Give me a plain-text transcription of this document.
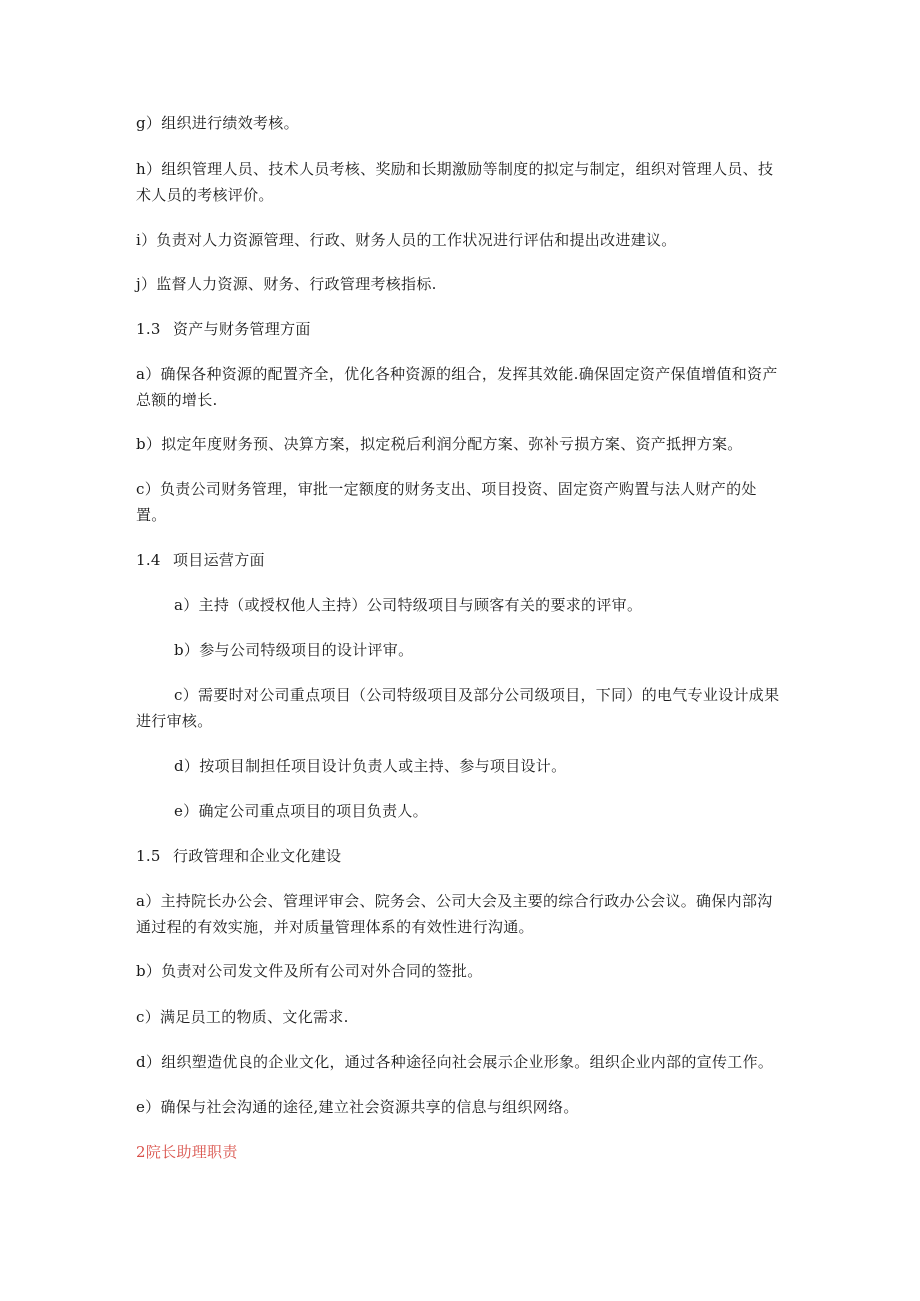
g）组织进行绩效考核。

h）组织管理人员、技术人员考核、奖励和长期激励等制度的拟定与制定，组织对管理人员、技术人员的考核评价。

i）负责对人力资源管理、行政、财务人员的工作状况进行评估和提出改进建议。

j）监督人力资源、财务、行政管理考核指标.

1.3 资产与财务管理方面

a）确保各种资源的配置齐全，优化各种资源的组合，发挥其效能.确保固定资产保值增值和资产总额的增长.

b）拟定年度财务预、决算方案，拟定税后利润分配方案、弥补亏损方案、资产抵押方案。

c）负责公司财务管理，审批一定额度的财务支出、项目投资、固定资产购置与法人财产的处置。

1.4 项目运营方面

a）主持（或授权他人主持）公司特级项目与顾客有关的要求的评审。

b）参与公司特级项目的设计评审。

c）需要时对公司重点项目（公司特级项目及部分公司级项目，下同）的电气专业设计成果进行审核。

d）按项目制担任项目设计负责人或主持、参与项目设计。

e）确定公司重点项目的项目负责人。

1.5 行政管理和企业文化建设

a）主持院长办公会、管理评审会、院务会、公司大会及主要的综合行政办公会议。确保内部沟通过程的有效实施，并对质量管理体系的有效性进行沟通。

b）负责对公司发文件及所有公司对外合同的签批。

c）满足员工的物质、文化需求.

d）组织塑造优良的企业文化，通过各种途径向社会展示企业形象。组织企业内部的宣传工作。

e）确保与社会沟通的途径,建立社会资源共享的信息与组织网络。

2院长助理职责
